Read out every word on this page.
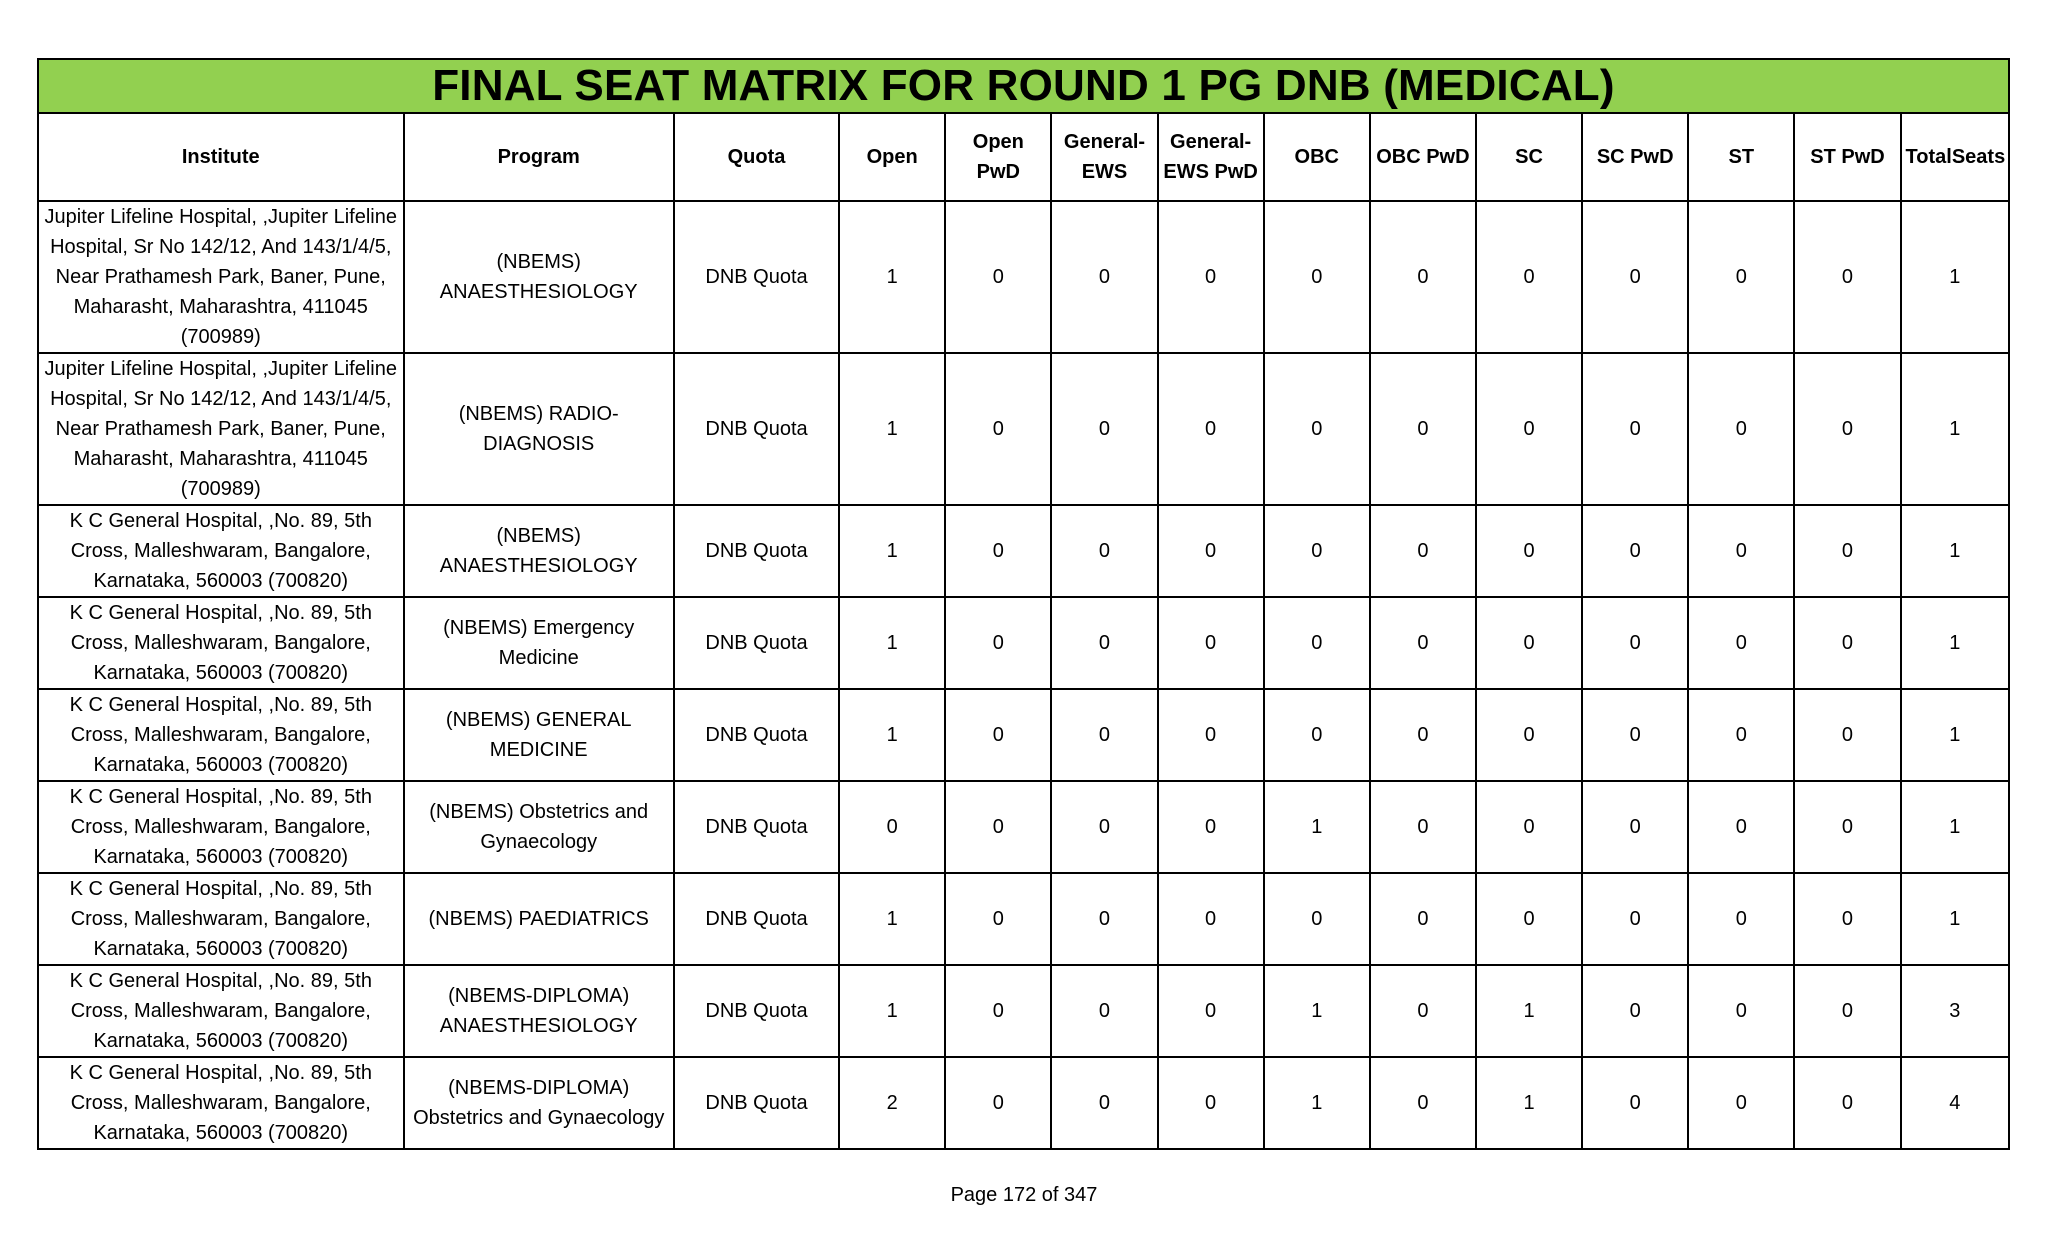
FINAL SEAT MATRIX FOR ROUND 1 PG DNB (MEDICAL)													
Institute	Program	Quota	Open	Open PwD	General-EWS	General-EWS PwD	OBC	OBC PwD	SC	SC PwD	ST	ST PwD	TotalSeats
Jupiter Lifeline Hospital, ,Jupiter Lifeline Hospital, Sr No 142/12, And 143/1/4/5, Near Prathamesh Park, Baner, Pune, Maharasht, Maharashtra, 411045 (700989)	(NBEMS) ANAESTHESIOLOGY	DNB Quota	1	0	0	0	0	0	0	0	0	0	1
Jupiter Lifeline Hospital, ,Jupiter Lifeline Hospital, Sr No 142/12, And 143/1/4/5, Near Prathamesh Park, Baner, Pune, Maharasht, Maharashtra, 411045 (700989)	(NBEMS) RADIO-DIAGNOSIS	DNB Quota	1	0	0	0	0	0	0	0	0	0	1
K C General Hospital, ,No. 89, 5th Cross, Malleshwaram, Bangalore, Karnataka, 560003 (700820)	(NBEMS) ANAESTHESIOLOGY	DNB Quota	1	0	0	0	0	0	0	0	0	0	1
K C General Hospital, ,No. 89, 5th Cross, Malleshwaram, Bangalore, Karnataka, 560003 (700820)	(NBEMS) Emergency Medicine	DNB Quota	1	0	0	0	0	0	0	0	0	0	1
K C General Hospital, ,No. 89, 5th Cross, Malleshwaram, Bangalore, Karnataka, 560003 (700820)	(NBEMS) GENERAL MEDICINE	DNB Quota	1	0	0	0	0	0	0	0	0	0	1
K C General Hospital, ,No. 89, 5th Cross, Malleshwaram, Bangalore, Karnataka, 560003 (700820)	(NBEMS) Obstetrics and Gynaecology	DNB Quota	0	0	0	0	1	0	0	0	0	0	1
K C General Hospital, ,No. 89, 5th Cross, Malleshwaram, Bangalore, Karnataka, 560003 (700820)	(NBEMS) PAEDIATRICS	DNB Quota	1	0	0	0	0	0	0	0	0	0	1
K C General Hospital, ,No. 89, 5th Cross, Malleshwaram, Bangalore, Karnataka, 560003 (700820)	(NBEMS-DIPLOMA) ANAESTHESIOLOGY	DNB Quota	1	0	0	0	1	0	1	0	0	0	3
K C General Hospital, ,No. 89, 5th Cross, Malleshwaram, Bangalore, Karnataka, 560003 (700820)	(NBEMS-DIPLOMA) Obstetrics and Gynaecology	DNB Quota	2	0	0	0	1	0	1	0	0	0	4
Page 172 of 347
